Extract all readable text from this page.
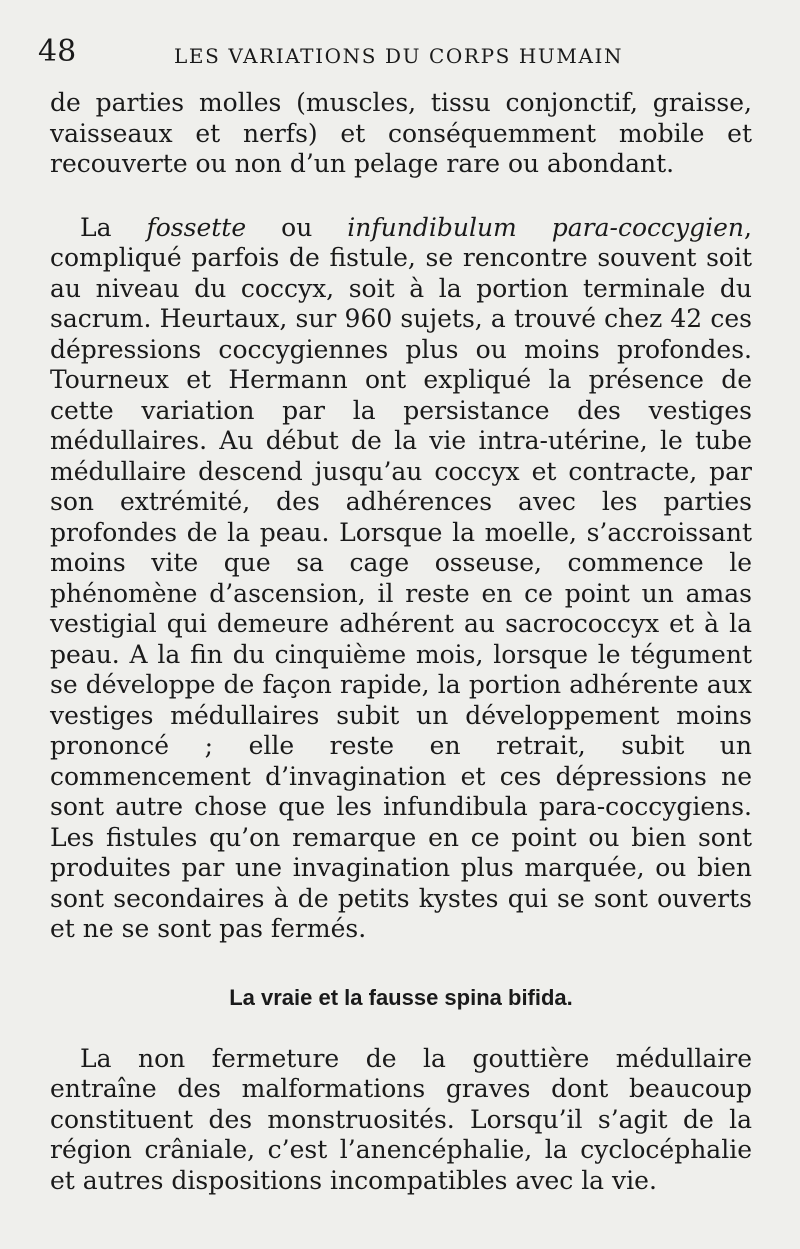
48	LES VARIATIONS DU CORPS HUMAIN

de parties molles (muscles, tissu conjonctif, graisse, vaisseaux et nerfs) et conséquemment mobile et recouverte ou non d’un pelage rare ou abondant.

La fossette ou infundibulum para-coccygien, compliqué parfois de fistule, se rencontre souvent soit au niveau du coccyx, soit à la portion terminale du sacrum. Heurtaux, sur 960 sujets, a trouvé chez 42 ces dépressions coccygiennes plus ou moins profondes. Tourneux et Hermann ont expliqué la présence de cette variation par la persistance des vestiges médullaires. Au début de la vie intra-utérine, le tube médullaire descend jusqu’au coccyx et contracte, par son extrémité, des adhérences avec les parties profondes de la peau. Lorsque la moelle, s’accroissant moins vite que sa cage osseuse, commence le phénomène d’ascension, il reste en ce point un amas vestigial qui demeure adhérent au sacrococcyx et à la peau. A la fin du cinquième mois, lorsque le tégument se développe de façon rapide, la portion adhérente aux vestiges médullaires subit un développement moins prononcé ; elle reste en retrait, subit un commencement d’invagination et ces dépressions ne sont autre chose que les infundibula para-coccygiens. Les fistules qu’on remarque en ce point ou bien sont produites par une invagination plus marquée, ou bien sont secondaires à de petits kystes qui se sont ouverts et ne se sont pas fermés.

La vraie et la fausse spina bifida.

La non fermeture de la gouttière médullaire entraîne des malformations graves dont beaucoup constituent des monstruosités. Lorsqu’il s’agit de la région crâniale, c’est l’anencéphalie, la cyclocéphalie et autres dispositions incompatibles avec la vie.
